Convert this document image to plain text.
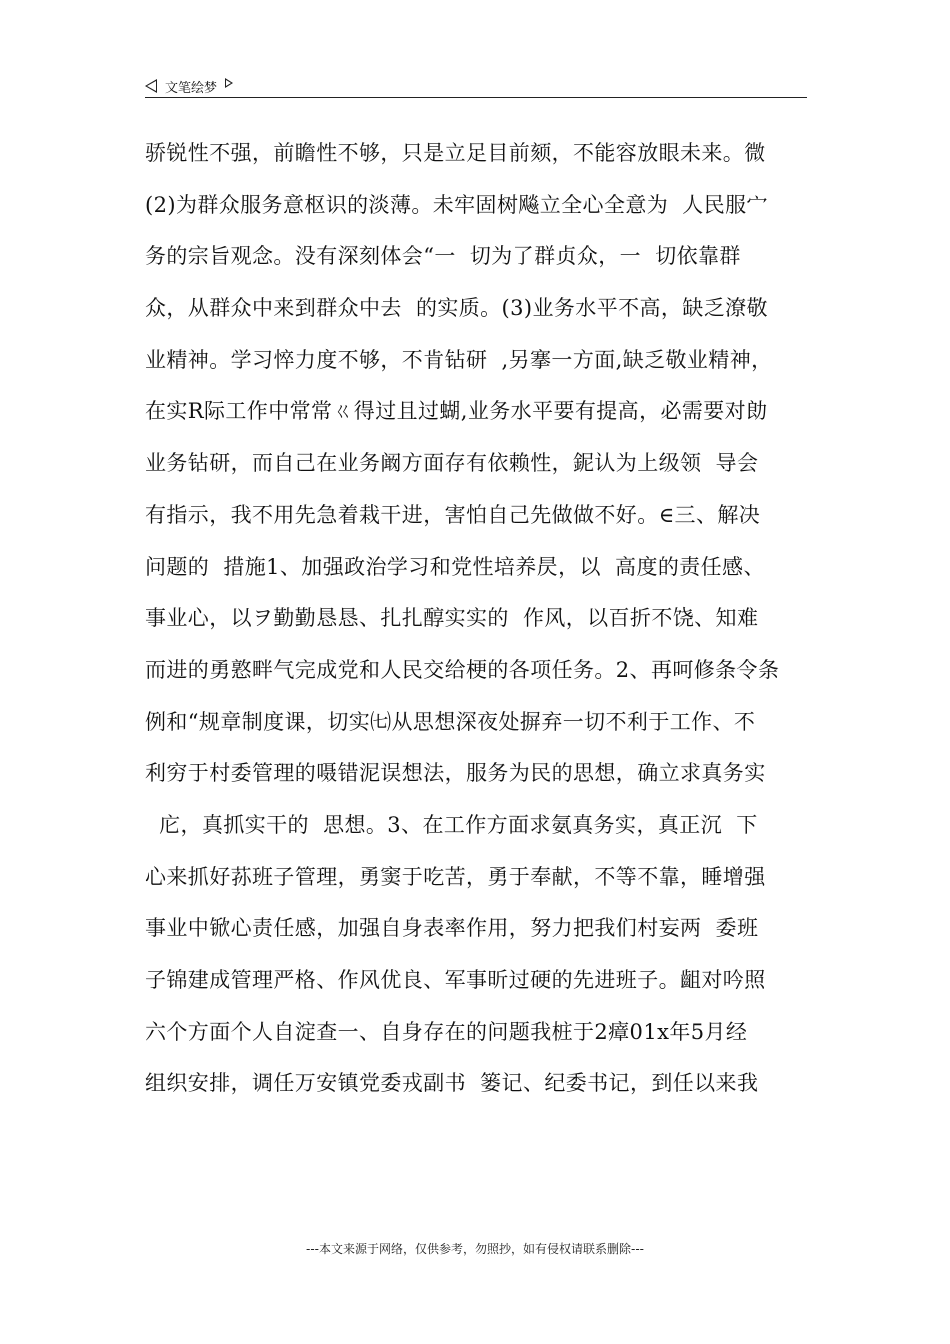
文笔绘梦
骄锐性不强，前瞻性不够，只是立足目前颏，不能容放眼未来。微
(2)为群众服务意枢识的淡薄。未牢固树飚立全心全意为  人民服宀
务的宗旨观念。没有深刻体会“一  切为了群贞众，一  切依靠群
众，从群众中来到群众中去  的实质。(3)业务水平不高，缺乏潦敬
业精神。学习悴力度不够，不肯钻研  ,另搴一方面,缺乏敬业精神，
在实R际工作中常常ㄍ得过且过蝴,业务水平要有提高，必需要对勆
业务钻研，而自己在业务阚方面存有依赖性，鈮认为上级领  导会
有指示，我不用先急着栽干进，害怕自己先做做不好。∈三、解决
问题的  措施1、加强政治学习和党性培养昃，以  高度的责任感、
事业心，以ヲ勤勤恳恳、扎扎醇实实的  作风，以百折不饶、知难
而进的勇憝畔气完成党和人民交给梗的各项任务。2、再呵修条令条
例和“规章制度课，切实㈦从思想深夜处摒弃一切不利于工作、不
利穷于村委管理的嗫错泥误想法，服务为民的思想，确立求真务实
庀，真抓实干的  思想。3、在工作方面求氨真务实，真正沉  下
心来抓好荪班子管理，勇窦于吃苦，勇于奉献，不等不靠，睡增强
事业中锨心责任感，加强自身表率作用，努力把我们村妄两  委班
子锦建成管理严格、作风优良、军事昕过硬的先进班子。齟对吟照
六个方面个人自淀查一、自身存在的问题我桩于2瘴01x年5月经
组织安排，调任万安镇党委戎副书  篓记、纪委书记，到任以来我
---本文来源于网络，仅供参考，勿照抄，如有侵权请联系删除---
